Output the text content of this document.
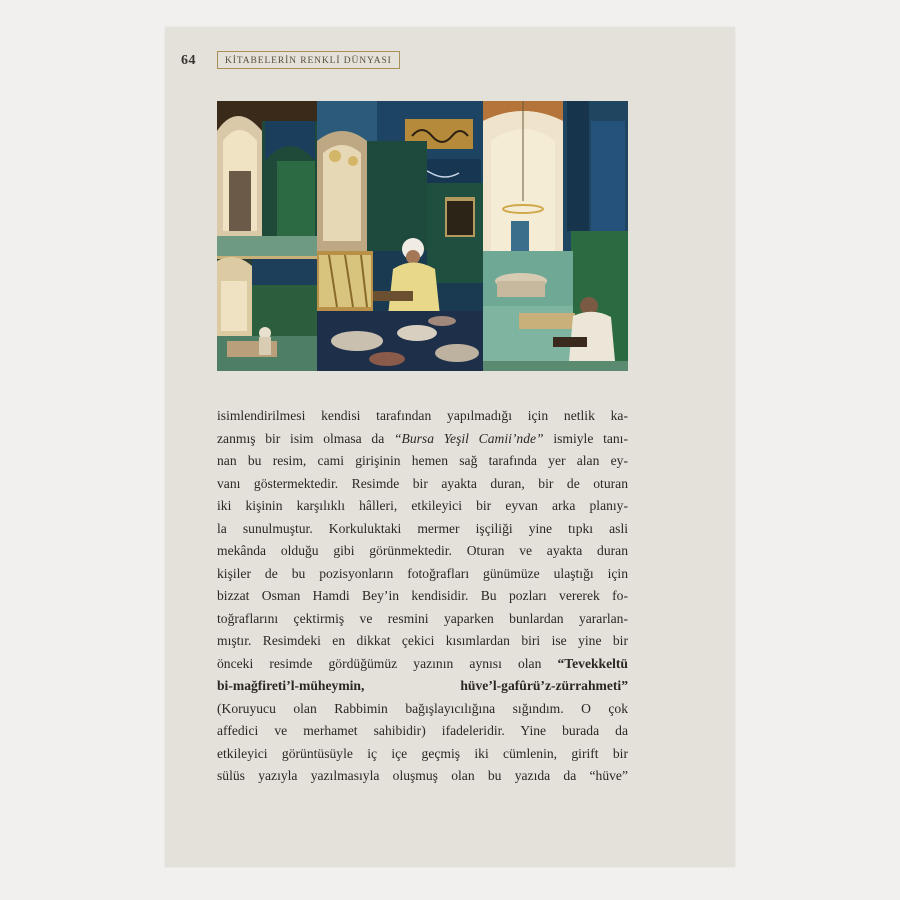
64	KİTABELERİN RENKLİ DÜNYASI
isimlendirilmesi kendisi tarafından yapılmadığı için netlik ka-
zanmış bir isim olmasa da “Bursa Yeşil Camii’nde” ismiyle tanı-
nan bu resim, cami girişinin hemen sağ tarafında yer alan ey-
vanı göstermektedir. Resimde bir ayakta duran, bir de oturan
iki kişinin karşılıklı hâlleri, etkileyici bir eyvan arka planıy-
la sunulmuştur. Korkuluktaki mermer işçiliği yine tıpkı asli
mekânda olduğu gibi görünmektedir. Oturan ve ayakta duran
kişiler de bu pozisyonların fotoğrafları günümüze ulaştığı için
bizzat Osman Hamdi Bey’in kendisidir. Bu pozları vererek fo-
toğraflarını çektirmiş ve resmini yaparken bunlardan yararlan-
mıştır. Resimdeki en dikkat çekici kısımlardan biri ise yine bir
önceki resimde gördüğümüz yazının aynısı olan “Tevekkeltü
bi-mağfireti’l-müheymin, hüve’l-gafûrü’z-zürrahmeti”
(Koruyucu olan Rabbimin bağışlayıcılığına sığındım. O çok
affedici ve merhamet sahibidir) ifadeleridir. Yine burada da
etkileyici görüntüsüyle iç içe geçmiş iki cümlenin, girift bir
sülüs yazıyla yazılmasıyla oluşmuş olan bu yazıda da “hüve”
